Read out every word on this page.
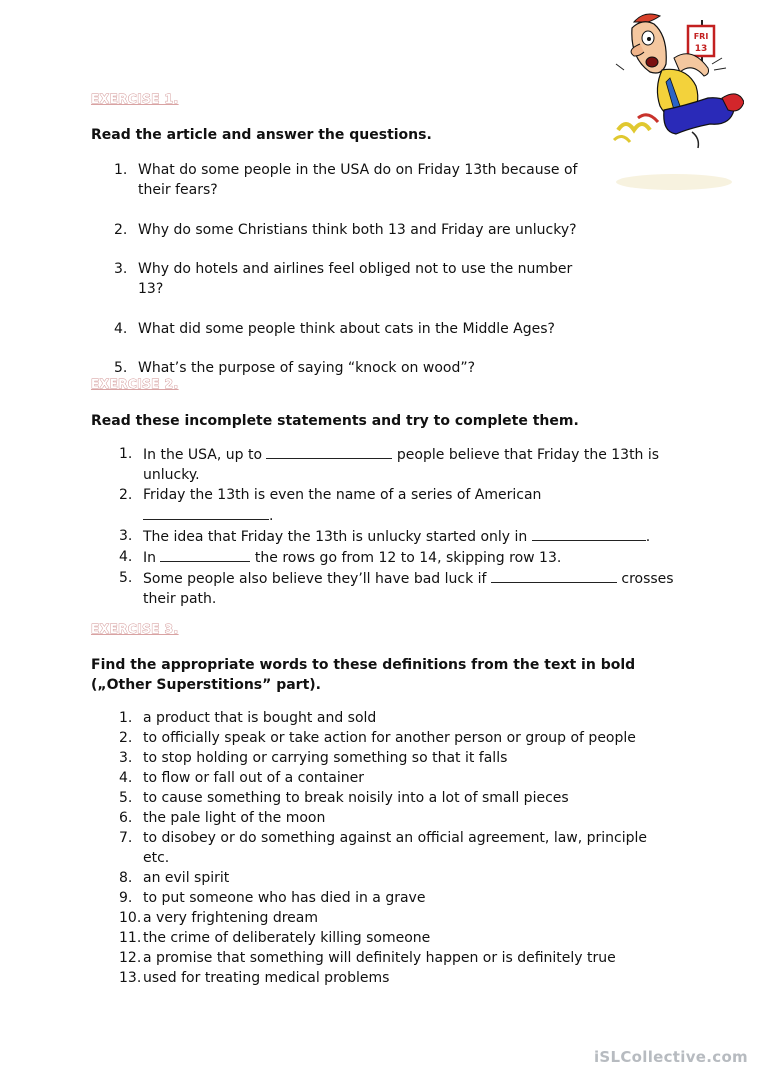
FRI
13
EXERCISE 1.

Read the article and answer the questions.

1. What do some people in the USA do on Friday 13th because of their fears?
2. Why do some Christians think both 13 and Friday are unlucky?
3. Why do hotels and airlines feel obliged not to use the number 13?
4. What did some people think about cats in the Middle Ages?
5. What’s the purpose of saying “knock on wood”?
EXERCISE 2.

Read these incomplete statements and try to complete them.

1. In the USA, up to	people believe that Friday the 13th is unlucky.
2. Friday the 13th is even the name of a series of American
.
3. The idea that Friday the 13th is unlucky started only in	.
4. In	the rows go from 12 to 14, skipping row 13.
5. Some people also believe they’ll have bad luck if	crosses their path.
EXERCISE 3.

Find the appropriate words to these definitions from the text in bold („Other Superstitions” part).

1. a product that is bought and sold
2. to officially speak or take action for another person or group of people
3. to stop holding or carrying something so that it falls
4. to flow or fall out of a container
5. to cause something to break noisily into a lot of small pieces
6. the pale light of the moon
7. to disobey or do something against an official agreement, law, principle etc.
8. an evil spirit
9. to put someone who has died in a grave
10. a very frightening dream
11. the crime of deliberately killing someone
12. a promise that something will definitely happen or is definitely true
13. used for treating medical problems
iSLCollective.com
